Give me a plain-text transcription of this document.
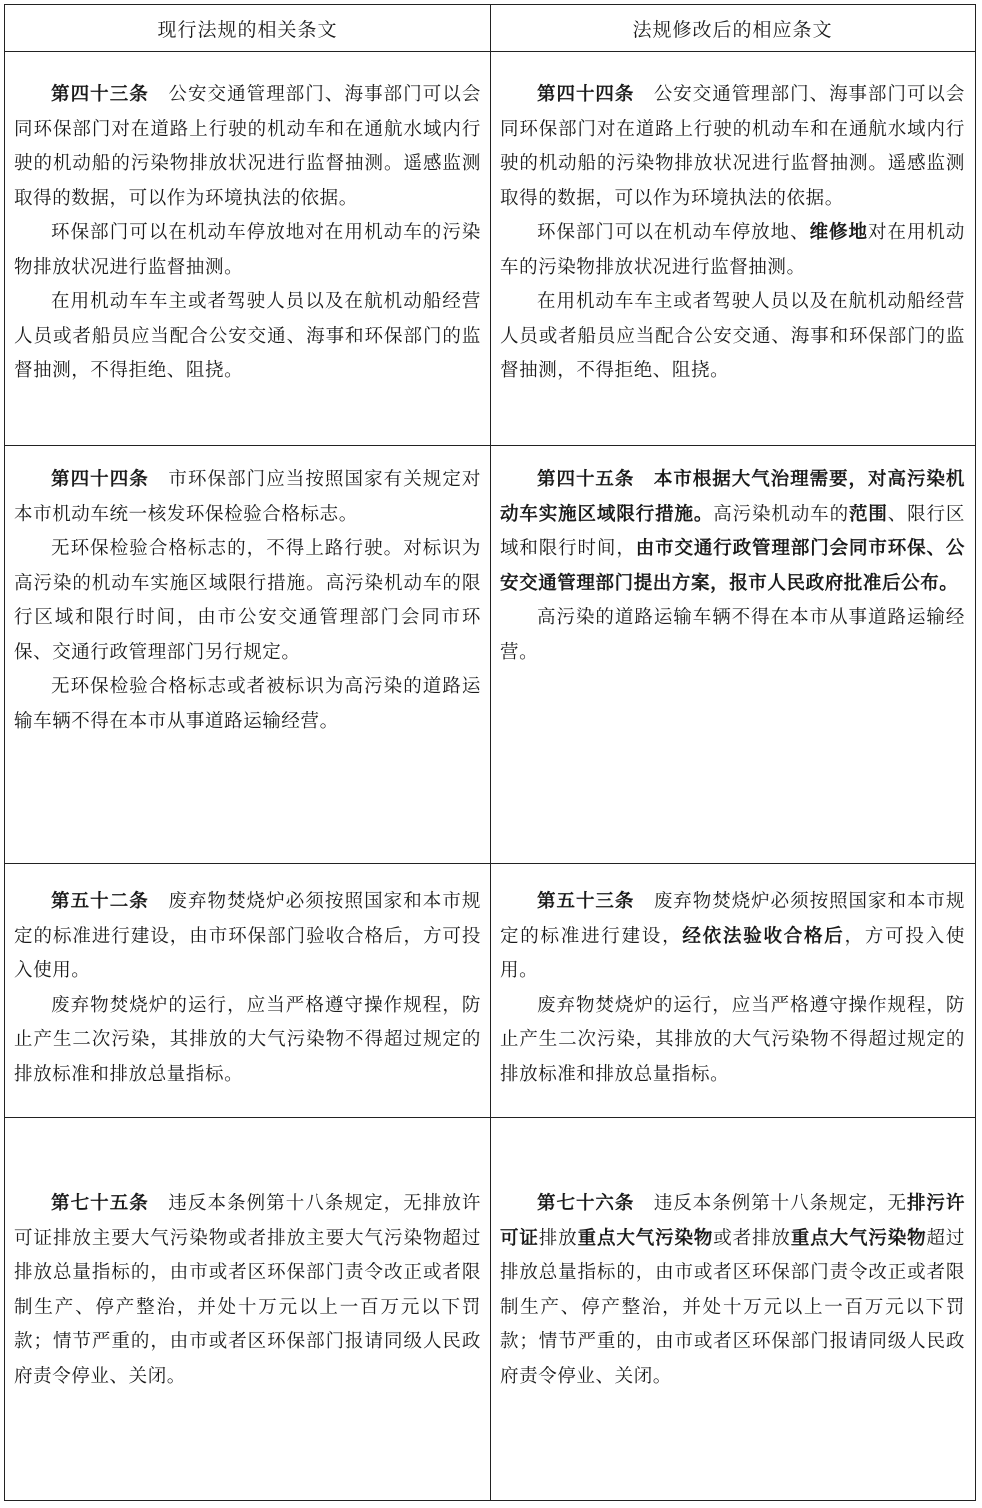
现行法规的相关条文	法规修改后的相应条文

第四十三条　公安交通管理部门、海事部门可以会同环保部门对在道路上行驶的机动车和在通航水域内行驶的机动船的污染物排放状况进行监督抽测。遥感监测取得的数据，可以作为环境执法的依据。

环保部门可以在机动车停放地对在用机动车的污染物排放状况进行监督抽测。

在用机动车车主或者驾驶人员以及在航机动船经营人员或者船员应当配合公安交通、海事和环保部门的监督抽测，不得拒绝、阻挠。

第四十四条　公安交通管理部门、海事部门可以会同环保部门对在道路上行驶的机动车和在通航水域内行驶的机动船的污染物排放状况进行监督抽测。遥感监测取得的数据，可以作为环境执法的依据。

环保部门可以在机动车停放地、维修地对在用机动车的污染物排放状况进行监督抽测。

在用机动车车主或者驾驶人员以及在航机动船经营人员或者船员应当配合公安交通、海事和环保部门的监督抽测，不得拒绝、阻挠。

第四十四条　市环保部门应当按照国家有关规定对本市机动车统一核发环保检验合格标志。

无环保检验合格标志的，不得上路行驶。对标识为高污染的机动车实施区域限行措施。高污染机动车的限行区域和限行时间，由市公安交通管理部门会同市环保、交通行政管理部门另行规定。

无环保检验合格标志或者被标识为高污染的道路运输车辆不得在本市从事道路运输经营。

第四十五条　 本市根据大气治理需要，对高污染机动车实施区域限行措施。高污染机动车的范围、限行区域和限行时间，由市交通行政管理部门会同市环保、公安交通管理部门提出方案，报市人民政府批准后公布。

高污染的道路运输车辆不得在本市从事道路运输经营。

第五十二条　废弃物焚烧炉必须按照国家和本市规定的标准进行建设，由市环保部门验收合格后，方可投入使用。

废弃物焚烧炉的运行，应当严格遵守操作规程，防止产生二次污染，其排放的大气污染物不得超过规定的排放标准和排放总量指标。

第五十三条　废弃物焚烧炉必须按照国家和本市规定的标准进行建设，经依法验收合格后，方可投入使用。

废弃物焚烧炉的运行，应当严格遵守操作规程，防止产生二次污染，其排放的大气污染物不得超过规定的排放标准和排放总量指标。

第七十五条　违反本条例第十八条规定，无排放许可证排放主要大气污染物或者排放主要大气污染物超过排放总量指标的，由市或者区环保部门责令改正或者限制生产、停产整治，并处十万元以上一百万元以下罚款；情节严重的，由市或者区环保部门报请同级人民政府责令停业、关闭。

第七十六条　违反本条例第十八条规定，无排污许可证排放重点大气污染物或者排放重点大气污染物超过排放总量指标的，由市或者区环保部门责令改正或者限制生产、停产整治，并处十万元以上一百万元以下罚款；情节严重的，由市或者区环保部门报请同级人民政府责令停业、关闭。
